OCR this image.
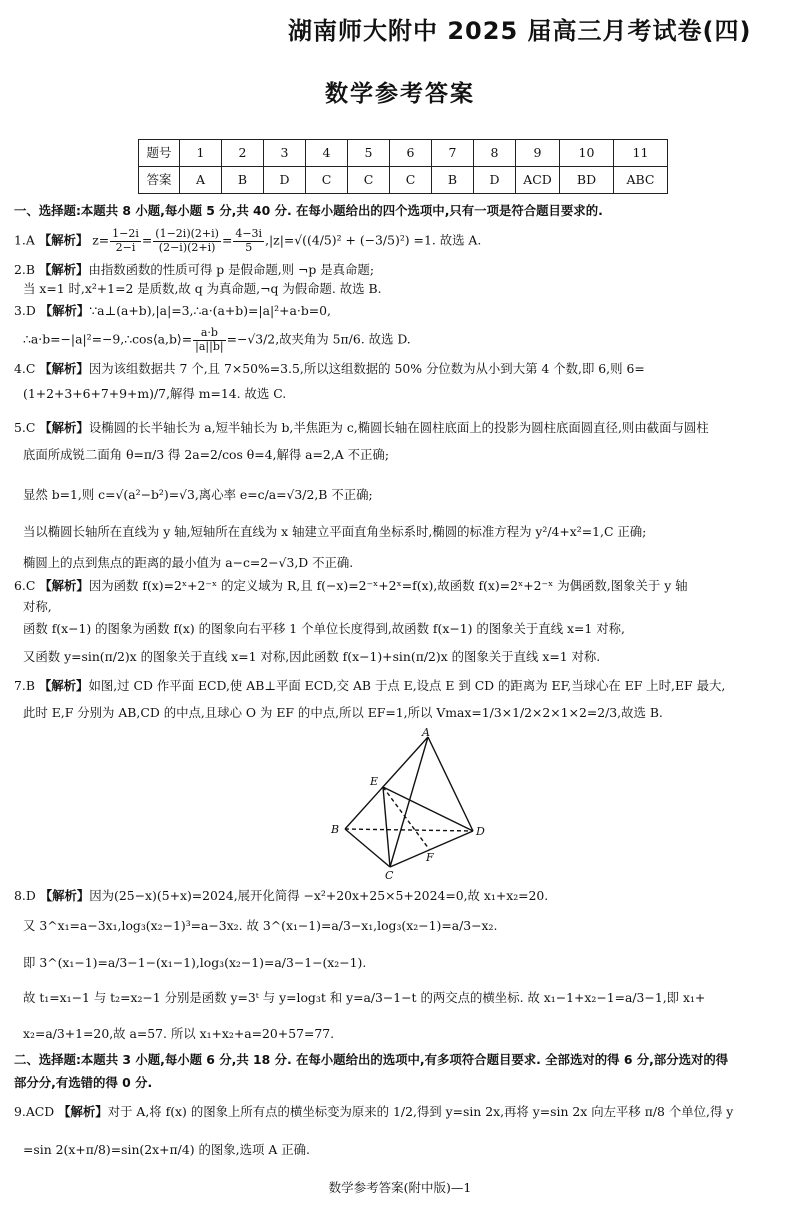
湖南师大附中 2025 届高三月考试卷(四)
数学参考答案
题号	1	2	3	4	5	6	7	8	9	10	11
答案	A	B	D	C	C	C	B	D	ACD	BD	ABC
一、选择题:本题共 8 小题,每小题 5 分,共 40 分. 在每小题给出的四个选项中,只有一项是符合题目要求的.
1.A 【解析】 $z= \frac{1-2i}{2-i} = \frac{(1-2i)(2+i)}{(2-i)(2+i)} = \frac{4-3i}{5} ,|z|=√((4/5)^2 + (-3/5)^2) =1$. 故选 A.
2.B 【解析】由指数函数的性质可得 p 是假命题,则 ¬p 是真命题;
当 x=1 时,x²+1=2 是质数,故 q 为真命题,¬q 为假命题. 故选 B.
3.D 【解析】∵a⊥(a+b),|a|=3,∴a·(a+b)=|a|²+a·b=0,
∴a·b=−|a|²=−9,∴cos⟨a,b⟩= $\frac{a\cdot b}{|a||b|} =-√3/2$,故夹角为 5π/6. 故选 D.
4.C 【解析】因为该组数据共 7 个,且 7×50%=3.5,所以这组数据的 50% 分位数为从小到大第 4 个数,即 6,则 6=
(1+2+3+6+7+9+m)/7,解得 m=14. 故选 C.
5.C 【解析】设椭圆的长半轴长为 a,短半轴长为 b,半焦距为 c,椭圆长轴在圆柱底面上的投影为圆柱底面圆直径,则由截面与圆柱
底面所成锐二面角 θ=π/3 得 2a=2/cos θ=4,解得 a=2,A 不正确;
显然 b=1,则 c=√(a²−b²)=√3,离心率 e=c/a=√3/2,B 不正确;
当以椭圆长轴所在直线为 y 轴,短轴所在直线为 x 轴建立平面直角坐标系时,椭圆的标准方程为 y²/4+x²=1,C 正确;
椭圆上的点到焦点的距离的最小值为 a−c=2−√3,D 不正确.
6.C 【解析】因为函数 f(x)=2ˣ+2⁻ˣ 的定义域为 R,且 f(−x)=2⁻ˣ+2ˣ=f(x),故函数 f(x)=2ˣ+2⁻ˣ 为偶函数,图象关于 y 轴
对称,
函数 f(x−1) 的图象为函数 f(x) 的图象向右平移 1 个单位长度得到,故函数 f(x−1) 的图象关于直线 x=1 对称,
又函数 y=sin(π/2)x 的图象关于直线 x=1 对称,因此函数 f(x−1)+sin(π/2)x 的图象关于直线 x=1 对称.
7.B 【解析】如图,过 CD 作平面 ECD,使 AB⊥平面 ECD,交 AB 于点 E,设点 E 到 CD 的距离为 EF,当球心在 EF 上时,EF 最大,
此时 E,F 分别为 AB,CD 的中点,且球心 O 为 EF 的中点,所以 EF=1,所以 Vmax=1/3×1/2×2×1×2=2/3,故选 B.
A
E
B	D
F
C
8.D 【解析】因为(25−x)(5+x)=2024,展开化简得 −x²+20x+25×5+2024=0,故 x₁+x₂=20.
又 3^x₁=a−3x₁,log₃(x₂−1)³=a−3x₂. 故 3^(x₁−1)=a/3−x₁,log₃(x₂−1)=a/3−x₂.
即 3^(x₁−1)=a/3−1−(x₁−1),log₃(x₂−1)=a/3−1−(x₂−1).
故 t₁=x₁−1 与 t₂=x₂−1 分别是函数 y=3ᵗ 与 y=log₃t 和 y=a/3−1−t 的两交点的横坐标. 故 x₁−1+x₂−1=a/3−1,即 x₁+
x₂=a/3+1=20,故 a=57. 所以 x₁+x₂+a=20+57=77.
二、选择题:本题共 3 小题,每小题 6 分,共 18 分. 在每小题给出的选项中,有多项符合题目要求. 全部选对的得 6 分,部分选对的得
部分分,有选错的得 0 分.
9.ACD 【解析】对于 A,将 f(x) 的图象上所有点的横坐标变为原来的 1/2,得到 y=sin 2x,再将 y=sin 2x 向左平移 π/8 个单位,得 y
=sin 2(x+π/8)=sin(2x+π/4) 的图象,选项 A 正确.
数学参考答案(附中版)—1
